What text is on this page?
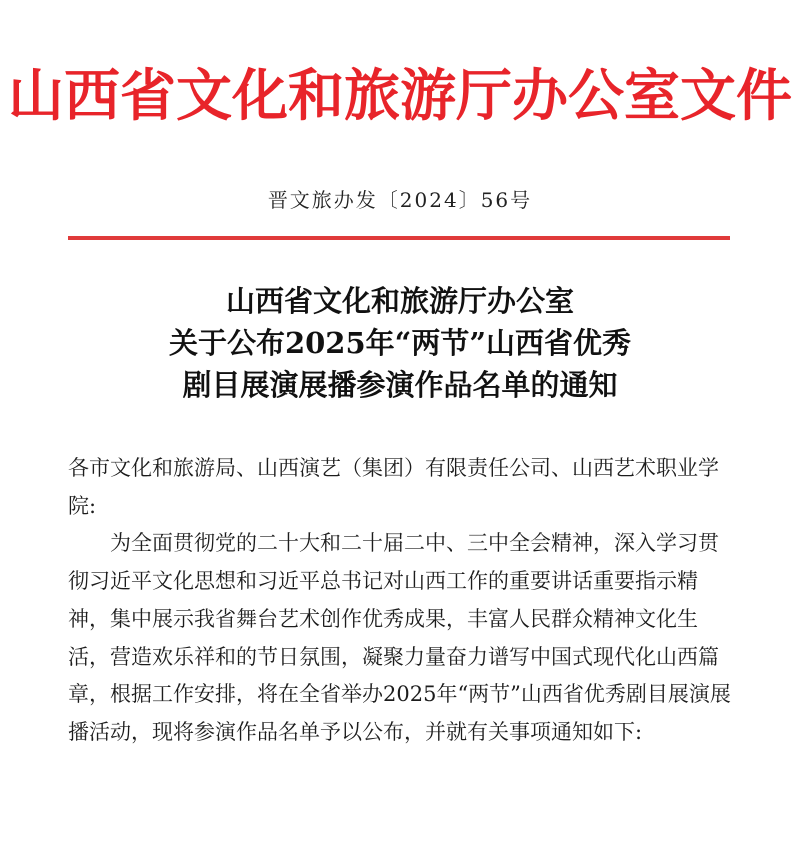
山西省文化和旅游厅办公室文件
晋文旅办发〔2024〕56号
山西省文化和旅游厅办公室
关于公布2025年“两节”山西省优秀
剧目展演展播参演作品名单的通知

各市文化和旅游局、山西演艺（集团）有限责任公司、山西艺术职业学院:

为全面贯彻党的二十大和二十届二中、三中全会精神，深入学习贯彻习近平文化思想和习近平总书记对山西工作的重要讲话重要指示精神，集中展示我省舞台艺术创作优秀成果，丰富人民群众精神文化生活，营造欢乐祥和的节日氛围，凝聚力量奋力谱写中国式现代化山西篇章，根据工作安排，将在全省举办2025年“两节”山西省优秀剧目展演展播活动，现将参演作品名单予以公布，并就有关事项通知如下:
